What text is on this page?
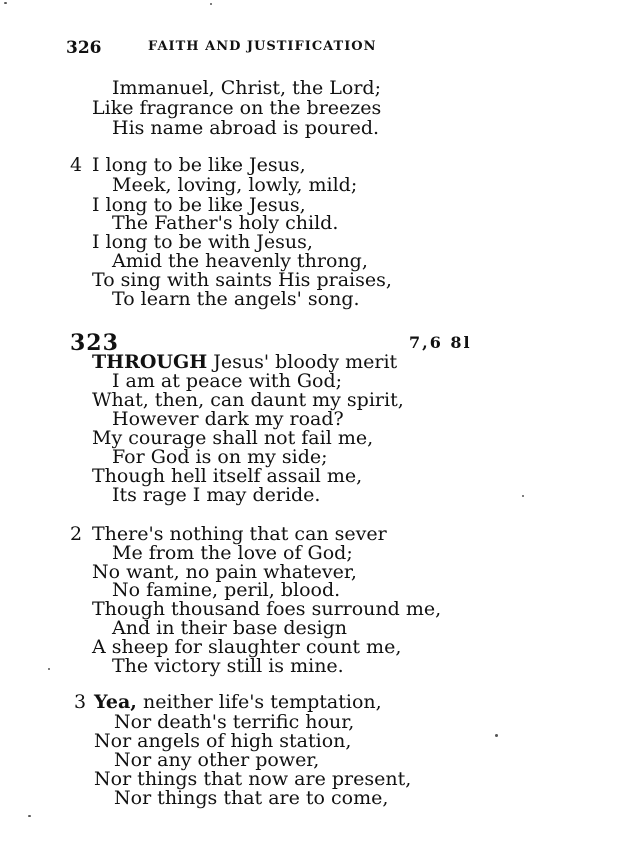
326	FAITH AND JUSTIFICATION
Immanuel, Christ, the Lord;
Like fragrance on the breezes
His name abroad is poured.
4 I long to be like Jesus,
Meek, loving, lowly, mild;
I long to be like Jesus,
The Father's holy child.
I long to be with Jesus,
Amid the heavenly throng,
To sing with saints His praises,
To learn the angels' song.
323	7,6 8l
THROUGH Jesus' bloody merit
I am at peace with God;
What, then, can daunt my spirit,
However dark my road?
My courage shall not fail me,
For God is on my side;
Though hell itself assail me,
Its rage I may deride.
2 There's nothing that can sever
Me from the love of God;
No want, no pain whatever,
No famine, peril, blood.
Though thousand foes surround me,
And in their base design
A sheep for slaughter count me,
The victory still is mine.
3 Yea, neither life's temptation,
Nor death's terrific hour,
Nor angels of high station,
Nor any other power,
Nor things that now are present,
Nor things that are to come,
